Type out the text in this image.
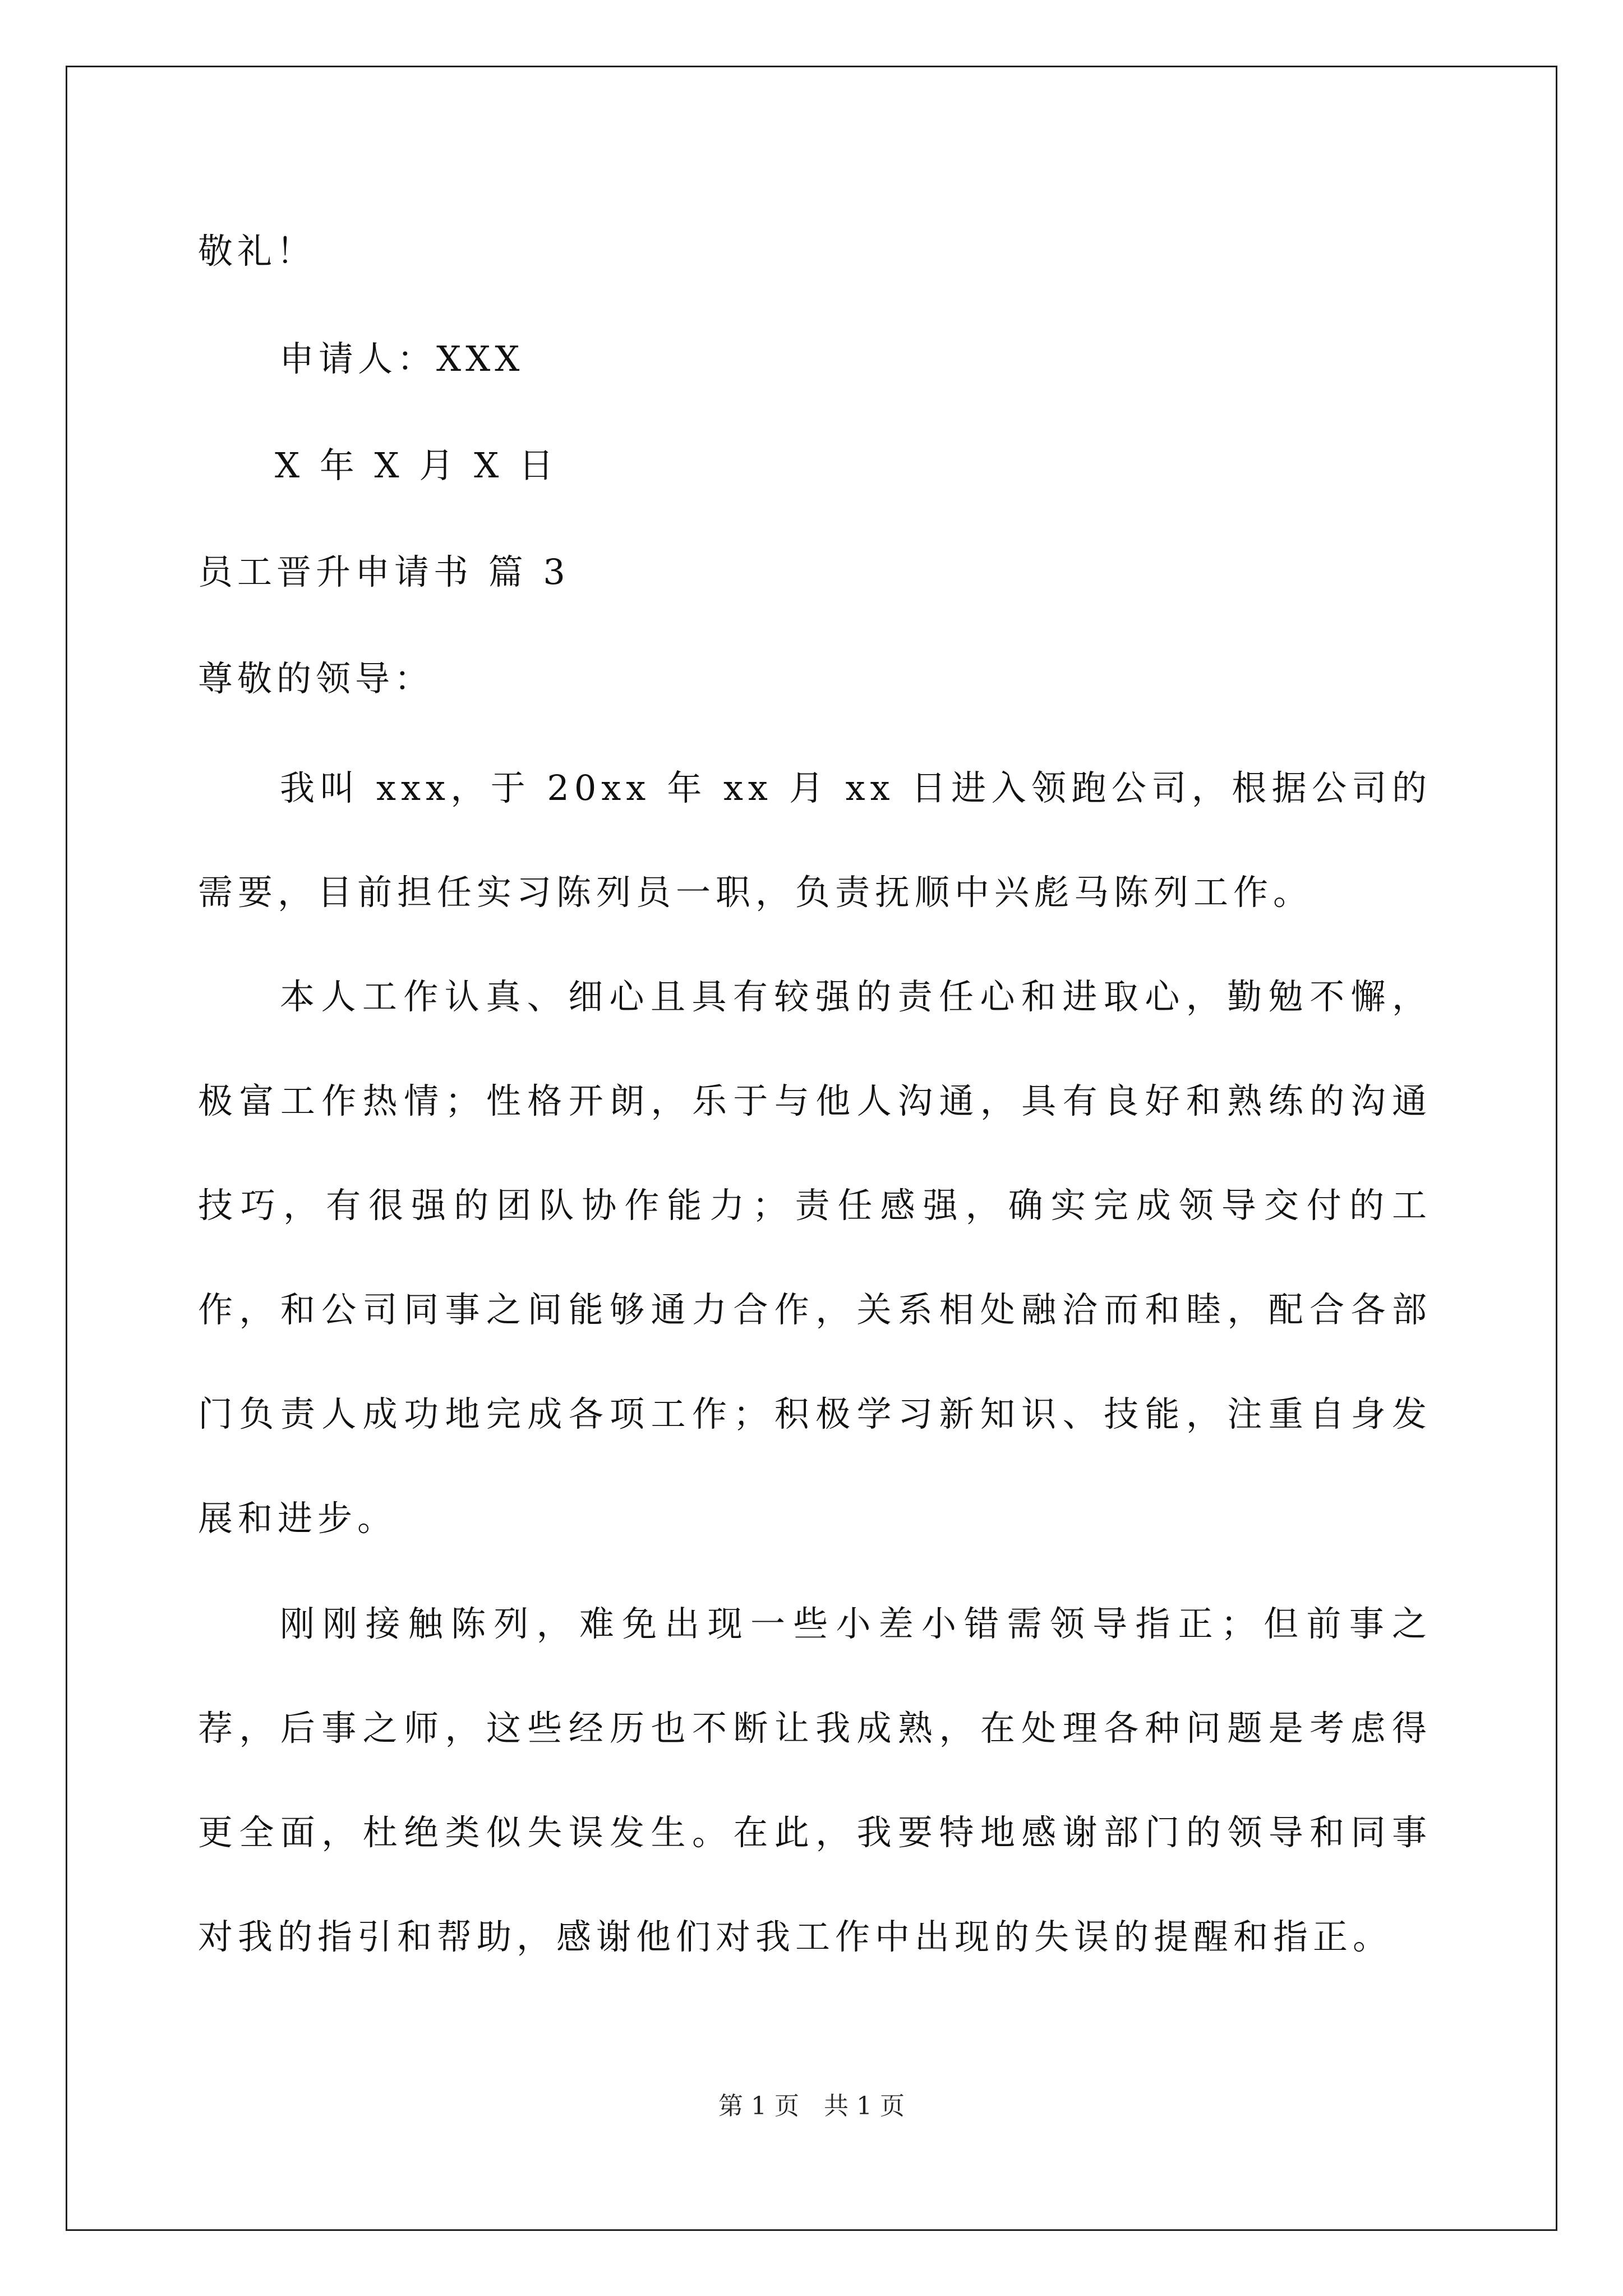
敬礼！
申请人：XXX
X 年 X 月 X 日
员工晋升申请书 篇 3
尊敬的领导：
我叫 xxx，于 20xx 年 xx 月 xx 日进入领跑公司，根据公司的需要，目前担任实习陈列员一职，负责抚顺中兴彪马陈列工作。
本人工作认真、细心且具有较强的责任心和进取心，勤勉不懈，极富工作热情；性格开朗，乐于与他人沟通，具有良好和熟练的沟通技巧，有很强的团队协作能力；责任感强，确实完成领导交付的工作，和公司同事之间能够通力合作，关系相处融洽而和睦，配合各部门负责人成功地完成各项工作；积极学习新知识、技能，注重自身发展和进步。
刚刚接触陈列，难免出现一些小差小错需领导指正；但前事之荐，后事之师，这些经历也不断让我成熟，在处理各种问题是考虑得更全面，杜绝类似失误发生。在此，我要特地感谢部门的领导和同事对我的指引和帮助，感谢他们对我工作中出现的失误的提醒和指正。
第 1 页　共 1 页
